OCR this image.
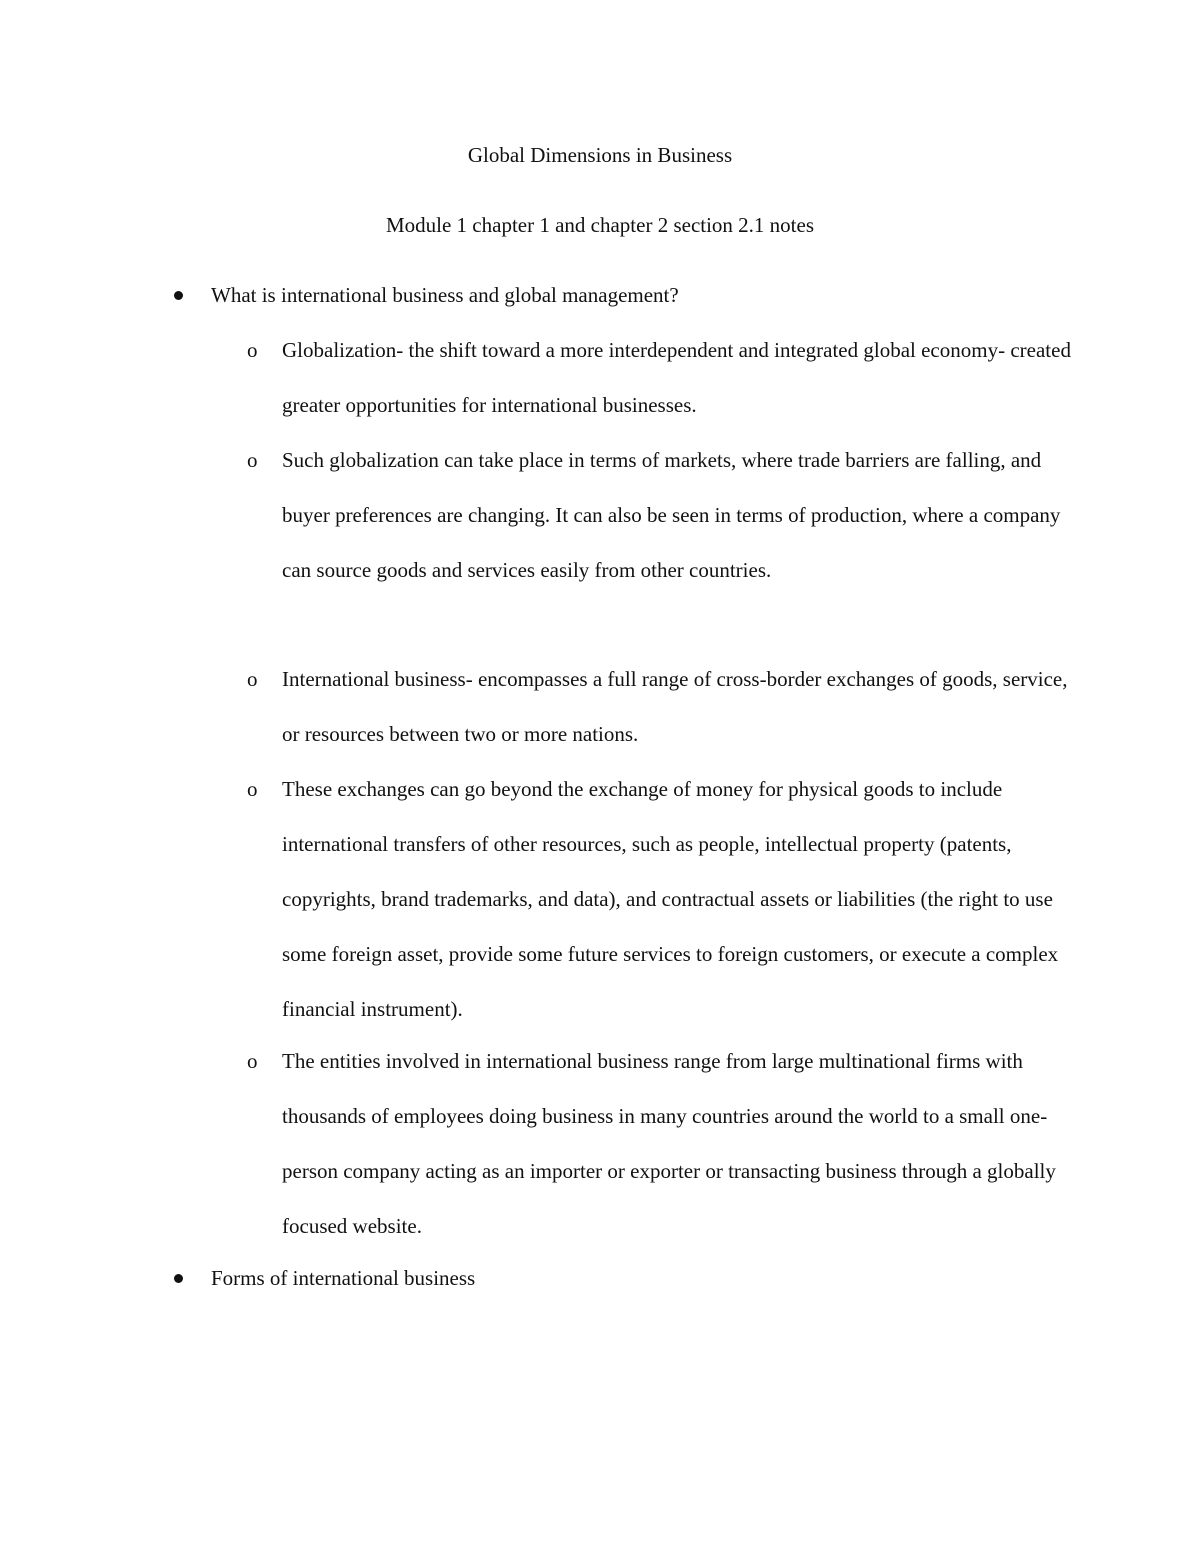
Global Dimensions in Business
Module 1 chapter 1 and chapter 2 section 2.1 notes
What is international business and global management?
o Globalization- the shift toward a more interdependent and integrated global economy- created greater opportunities for international businesses.
o Such globalization can take place in terms of markets, where trade barriers are falling, and buyer preferences are changing. It can also be seen in terms of production, where a company can source goods and services easily from other countries.
o International business- encompasses a full range of cross-border exchanges of goods, service, or resources between two or more nations.
o These exchanges can go beyond the exchange of money for physical goods to include international transfers of other resources, such as people, intellectual property (patents, copyrights, brand trademarks, and data), and contractual assets or liabilities (the right to use some foreign asset, provide some future services to foreign customers, or execute a complex financial instrument).
o The entities involved in international business range from large multinational firms with thousands of employees doing business in many countries around the world to a small one-person company acting as an importer or exporter or transacting business through a globally focused website.
Forms of international business
